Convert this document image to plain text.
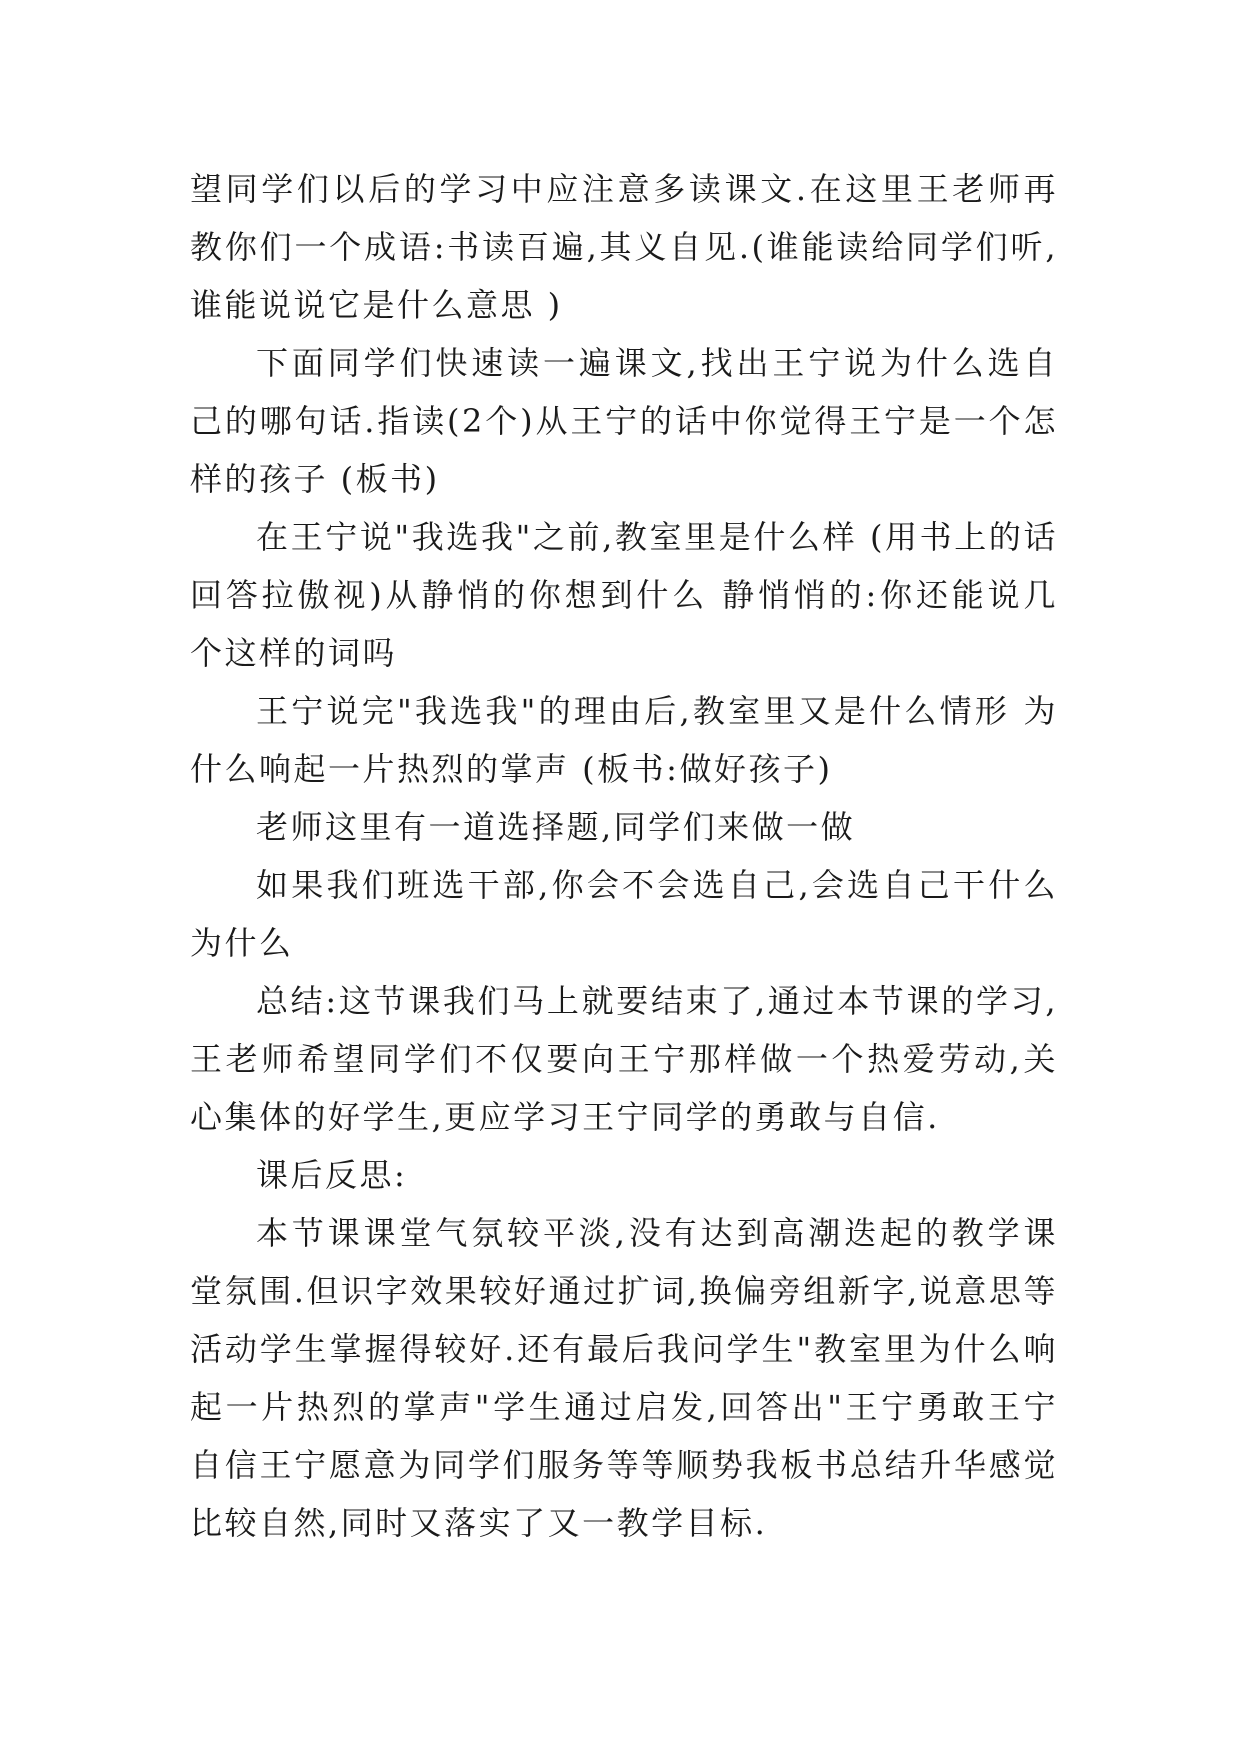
望同学们以后的学习中应注意多读课文.在这里王老师再教你们一个成语:书读百遍,其义自见.(谁能读给同学们听,谁能说说它是什么意思 )

下面同学们快速读一遍课文,找出王宁说为什么选自己的哪句话.指读(2个)从王宁的话中你觉得王宁是一个怎样的孩子 (板书)

在王宁说"我选我"之前,教室里是什么样 (用书上的话回答拉傲视)从静悄的你想到什么 静悄悄的:你还能说几个这样的词吗

王宁说完"我选我"的理由后,教室里又是什么情形 为什么响起一片热烈的掌声 (板书:做好孩子)

老师这里有一道选择题,同学们来做一做

如果我们班选干部,你会不会选自己,会选自己干什么为什么

总结:这节课我们马上就要结束了,通过本节课的学习,王老师希望同学们不仅要向王宁那样做一个热爱劳动,关心集体的好学生,更应学习王宁同学的勇敢与自信.

课后反思:

本节课课堂气氛较平淡,没有达到高潮迭起的教学课堂氛围.但识字效果较好通过扩词,换偏旁组新字,说意思等活动学生掌握得较好.还有最后我问学生"教室里为什么响起一片热烈的掌声"学生通过启发,回答出"王宁勇敢王宁自信王宁愿意为同学们服务等等顺势我板书总结升华感觉比较自然,同时又落实了又一教学目标.
